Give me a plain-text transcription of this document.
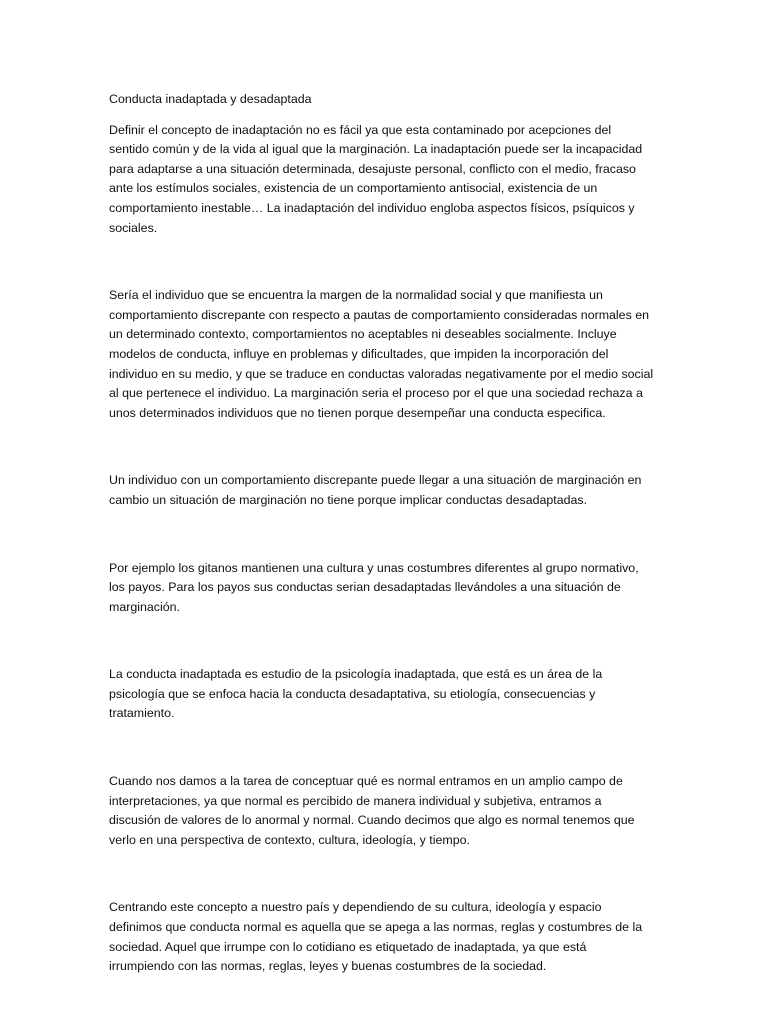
Conducta inadaptada y desadaptada

Definir el concepto de inadaptación no es fácil ya que esta contaminado por acepciones del sentido común y de la vida al igual que la marginación. La inadaptación puede ser la incapacidad para adaptarse a una situación determinada, desajuste personal, conflicto con el medio, fracaso ante los estímulos sociales, existencia de un comportamiento antisocial, existencia de un comportamiento inestable… La inadaptación del individuo engloba aspectos físicos, psíquicos y sociales.

Sería el individuo que se encuentra la margen de la normalidad social y que manifiesta un comportamiento discrepante con respecto a pautas de comportamiento consideradas normales en un determinado contexto, comportamientos no aceptables ni deseables socialmente. Incluye modelos de conducta, influye en problemas y dificultades, que impiden la incorporación del individuo en su medio, y que se traduce en conductas valoradas negativamente por el medio social al que pertenece el individuo. La marginación seria el proceso por el que una sociedad rechaza a unos determinados individuos que no tienen porque desempeñar una conducta especifica.

Un individuo con un comportamiento discrepante puede llegar a una situación de marginación en cambio un situación de marginación no tiene porque implicar conductas desadaptadas.

Por ejemplo los gitanos mantienen una cultura y unas costumbres diferentes al grupo normativo, los payos. Para los payos sus conductas serian desadaptadas llevándoles a una situación de marginación.

La conducta inadaptada es estudio de la psicología inadaptada, que está es un área de la psicología que se enfoca hacia la conducta desadaptativa, su etiología, consecuencias y tratamiento.

Cuando nos damos a la tarea de conceptuar qué es normal entramos en un amplio campo de interpretaciones, ya que normal es percibido de manera individual y subjetiva, entramos a discusión de valores de lo anormal y normal. Cuando decimos que algo es normal tenemos que verlo en una perspectiva de contexto, cultura, ideología, y tiempo.

Centrando este concepto a nuestro país y dependiendo de su cultura, ideología y espacio definimos que conducta normal es aquella que se apega a las normas, reglas y costumbres de la sociedad. Aquel que irrumpe con lo cotidiano es etiquetado de inadaptada, ya que está irrumpiendo con las normas, reglas, leyes y buenas costumbres de la sociedad.
